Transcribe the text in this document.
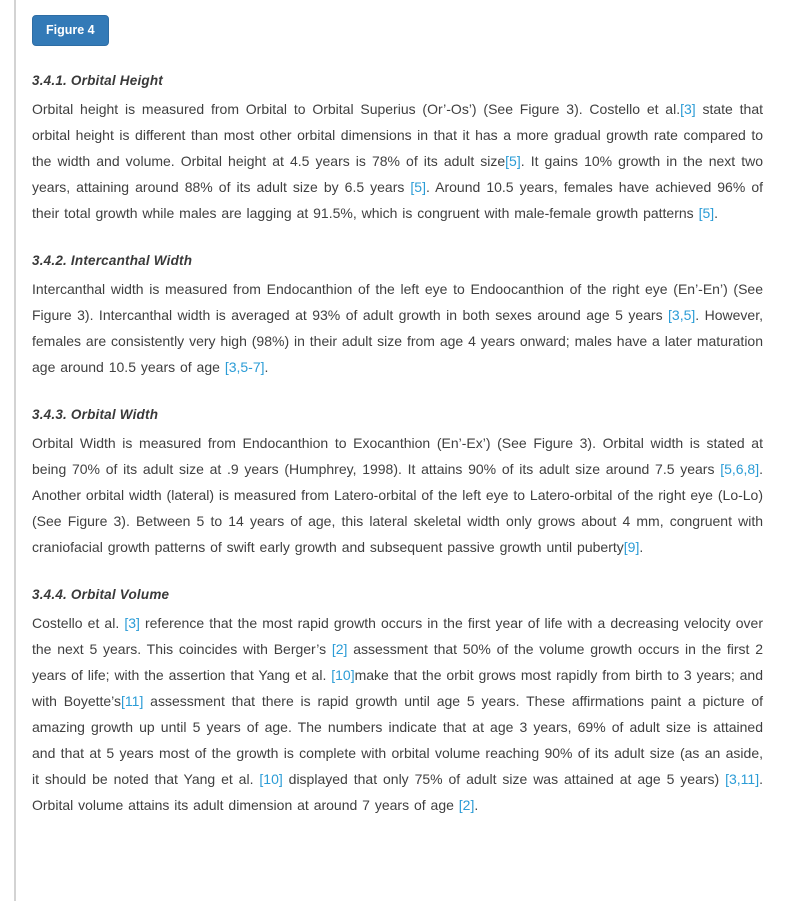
Figure 4
3.4.1. Orbital Height

Orbital height is measured from Orbital to Orbital Superius (Or’-Os’) (See Figure 3). Costello et al.[3] state that orbital height is different than most other orbital dimensions in that it has a more gradual growth rate compared to the width and volume. Orbital height at 4.5 years is 78% of its adult size[5]. It gains 10% growth in the next two years, attaining around 88% of its adult size by 6.5 years [5]. Around 10.5 years, females have achieved 96% of their total growth while males are lagging at 91.5%, which is congruent with male-female growth patterns [5].

3.4.2. Intercanthal Width

Intercanthal width is measured from Endocanthion of the left eye to Endoocanthion of the right eye (En’-En’) (See Figure 3). Intercanthal width is averaged at 93% of adult growth in both sexes around age 5 years [3,5]. However, females are consistently very high (98%) in their adult size from age 4 years onward; males have a later maturation age around 10.5 years of age [3,5-7].

3.4.3. Orbital Width

Orbital Width is measured from Endocanthion to Exocanthion (En’-Ex’) (See Figure 3). Orbital width is stated at being 70% of its adult size at .9 years (Humphrey, 1998). It attains 90% of its adult size around 7.5 years [5,6,8]. Another orbital width (lateral) is measured from Latero-orbital of the left eye to Latero-orbital of the right eye (Lo-Lo) (See Figure 3). Between 5 to 14 years of age, this lateral skeletal width only grows about 4 mm, congruent with craniofacial growth patterns of swift early growth and subsequent passive growth until puberty[9].

3.4.4. Orbital Volume

Costello et al. [3] reference that the most rapid growth occurs in the first year of life with a decreasing velocity over the next 5 years. This coincides with Berger’s [2] assessment that 50% of the volume growth occurs in the first 2 years of life; with the assertion that Yang et al. [10]make that the orbit grows most rapidly from birth to 3 years; and with Boyette’s[11] assessment that there is rapid growth until age 5 years. These affirmations paint a picture of amazing growth up until 5 years of age. The numbers indicate that at age 3 years, 69% of adult size is attained and that at 5 years most of the growth is complete with orbital volume reaching 90% of its adult size (as an aside, it should be noted that Yang et al. [10] displayed that only 75% of adult size was attained at age 5 years) [3,11]. Orbital volume attains its adult dimension at around 7 years of age [2].
